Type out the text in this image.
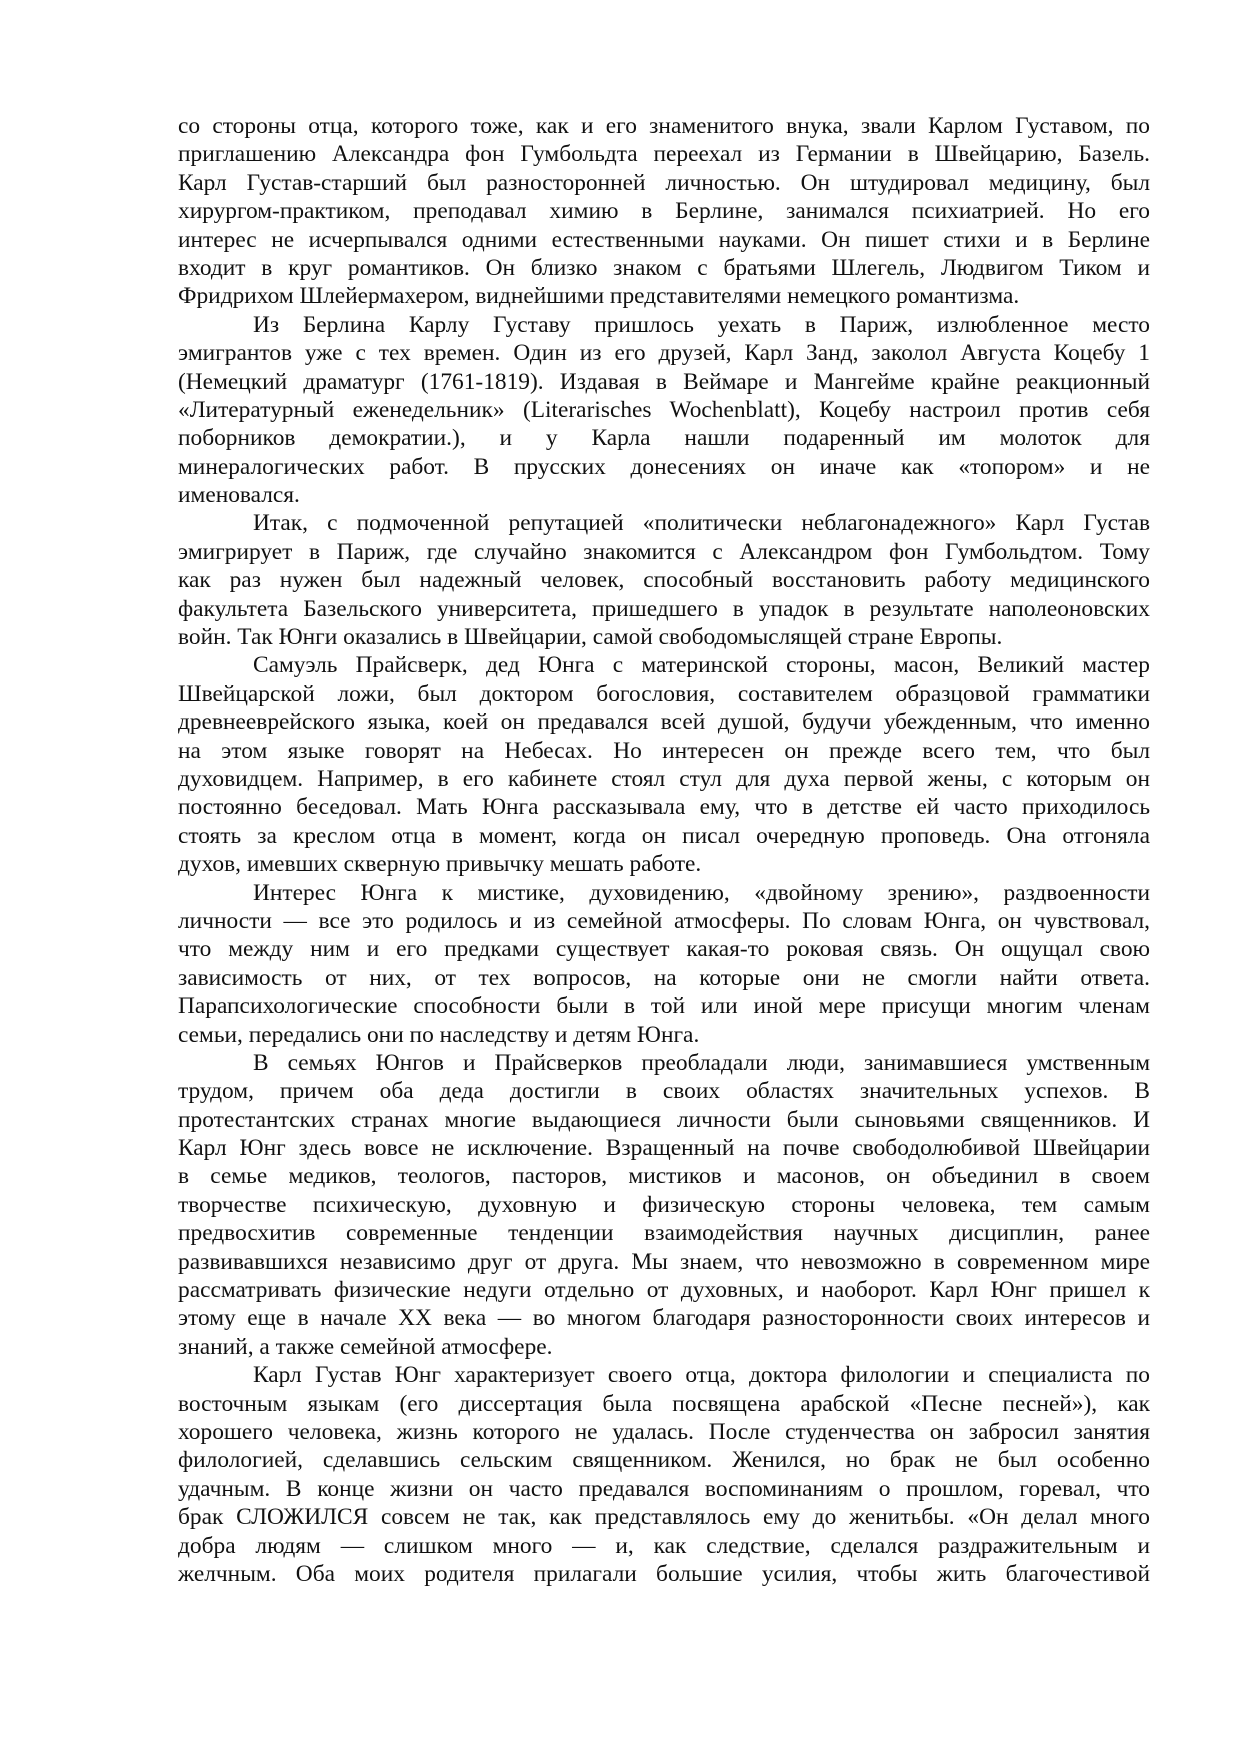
со стороны отца, которого тоже, как и его знаменитого внука, звали Карлом Густавом, по
приглашению Александра фон Гумбольдта переехал из Германии в Швейцарию, Базель.
Карл Густав-старший был разносторонней личностью. Он штудировал медицину, был
хирургом-практиком, преподавал химию в Берлине, занимался психиатрией. Но его
интерес не исчерпывался одними естественными науками. Он пишет стихи и в Берлине
входит в круг романтиков. Он близко знаком с братьями Шлегель, Людвигом Тиком и
Фридрихом Шлейермахером, виднейшими представителями немецкого романтизма.
Из Берлина Карлу Густаву пришлось уехать в Париж, излюбленное место
эмигрантов уже с тех времен. Один из его друзей, Карл Занд, заколол Августа Коцебу 1
(Немецкий драматург (1761-1819). Издавая в Веймаре и Мангейме крайне реакционный
«Литературный еженедельник» (Literarisches Wochenblatt), Коцебу настроил против себя
поборников демократии.), и у Карла нашли подаренный им молоток для
минералогических работ. В прусских донесениях он иначе как «топором» и не
именовался.
Итак, с подмоченной репутацией «политически неблагонадежного» Карл Густав
эмигрирует в Париж, где случайно знакомится с Александром фон Гумбольдтом. Тому
как раз нужен был надежный человек, способный восстановить работу медицинского
факультета Базельского университета, пришедшего в упадок в результате наполеоновских
войн. Так Юнги оказались в Швейцарии, самой свободомыслящей стране Европы.
Самуэль Прайсверк, дед Юнга с материнской стороны, масон, Великий мастер
Швейцарской ложи, был доктором богословия, составителем образцовой грамматики
древнееврейского языка, коей он предавался всей душой, будучи убежденным, что именно
на этом языке говорят на Небесах. Но интересен он прежде всего тем, что был
духовидцем. Например, в его кабинете стоял стул для духа первой жены, с которым он
постоянно беседовал. Мать Юнга рассказывала ему, что в детстве ей часто приходилось
стоять за креслом отца в момент, когда он писал очередную проповедь. Она отгоняла
духов, имевших скверную привычку мешать работе.
Интерес Юнга к мистике, духовидению, «двойному зрению», раздвоенности
личности — все это родилось и из семейной атмосферы. По словам Юнга, он чувствовал,
что между ним и его предками существует какая-то роковая связь. Он ощущал свою
зависимость от них, от тех вопросов, на которые они не смогли найти ответа.
Парапсихологические способности были в той или иной мере присущи многим членам
семьи, передались они по наследству и детям Юнга.
В семьях Юнгов и Прайсверков преобладали люди, занимавшиеся умственным
трудом, причем оба деда достигли в своих областях значительных успехов. В
протестантских странах многие выдающиеся личности были сыновьями священников. И
Карл Юнг здесь вовсе не исключение. Взращенный на почве свободолюбивой Швейцарии
в семье медиков, теологов, пасторов, мистиков и масонов, он объединил в своем
творчестве психическую, духовную и физическую стороны человека, тем самым
предвосхитив современные тенденции взаимодействия научных дисциплин, ранее
развивавшихся независимо друг от друга. Мы знаем, что невозможно в современном мире
рассматривать физические недуги отдельно от духовных, и наоборот. Карл Юнг пришел к
этому еще в начале XX века — во многом благодаря разносторонности своих интересов и
знаний, а также семейной атмосфере.
Карл Густав Юнг характеризует своего отца, доктора филологии и специалиста по
восточным языкам (его диссертация была посвящена арабской «Песне песней»), как
хорошего человека, жизнь которого не удалась. После студенчества он забросил занятия
филологией, сделавшись сельским священником. Женился, но брак не был особенно
удачным. В конце жизни он часто предавался воспоминаниям о прошлом, горевал, что
брак СЛОЖИЛСЯ совсем не так, как представлялось ему до женитьбы. «Он делал много
добра людям — слишком много — и, как следствие, сделался раздражительным и
желчным. Оба моих родителя прилагали большие усилия, чтобы жить благочестивой
